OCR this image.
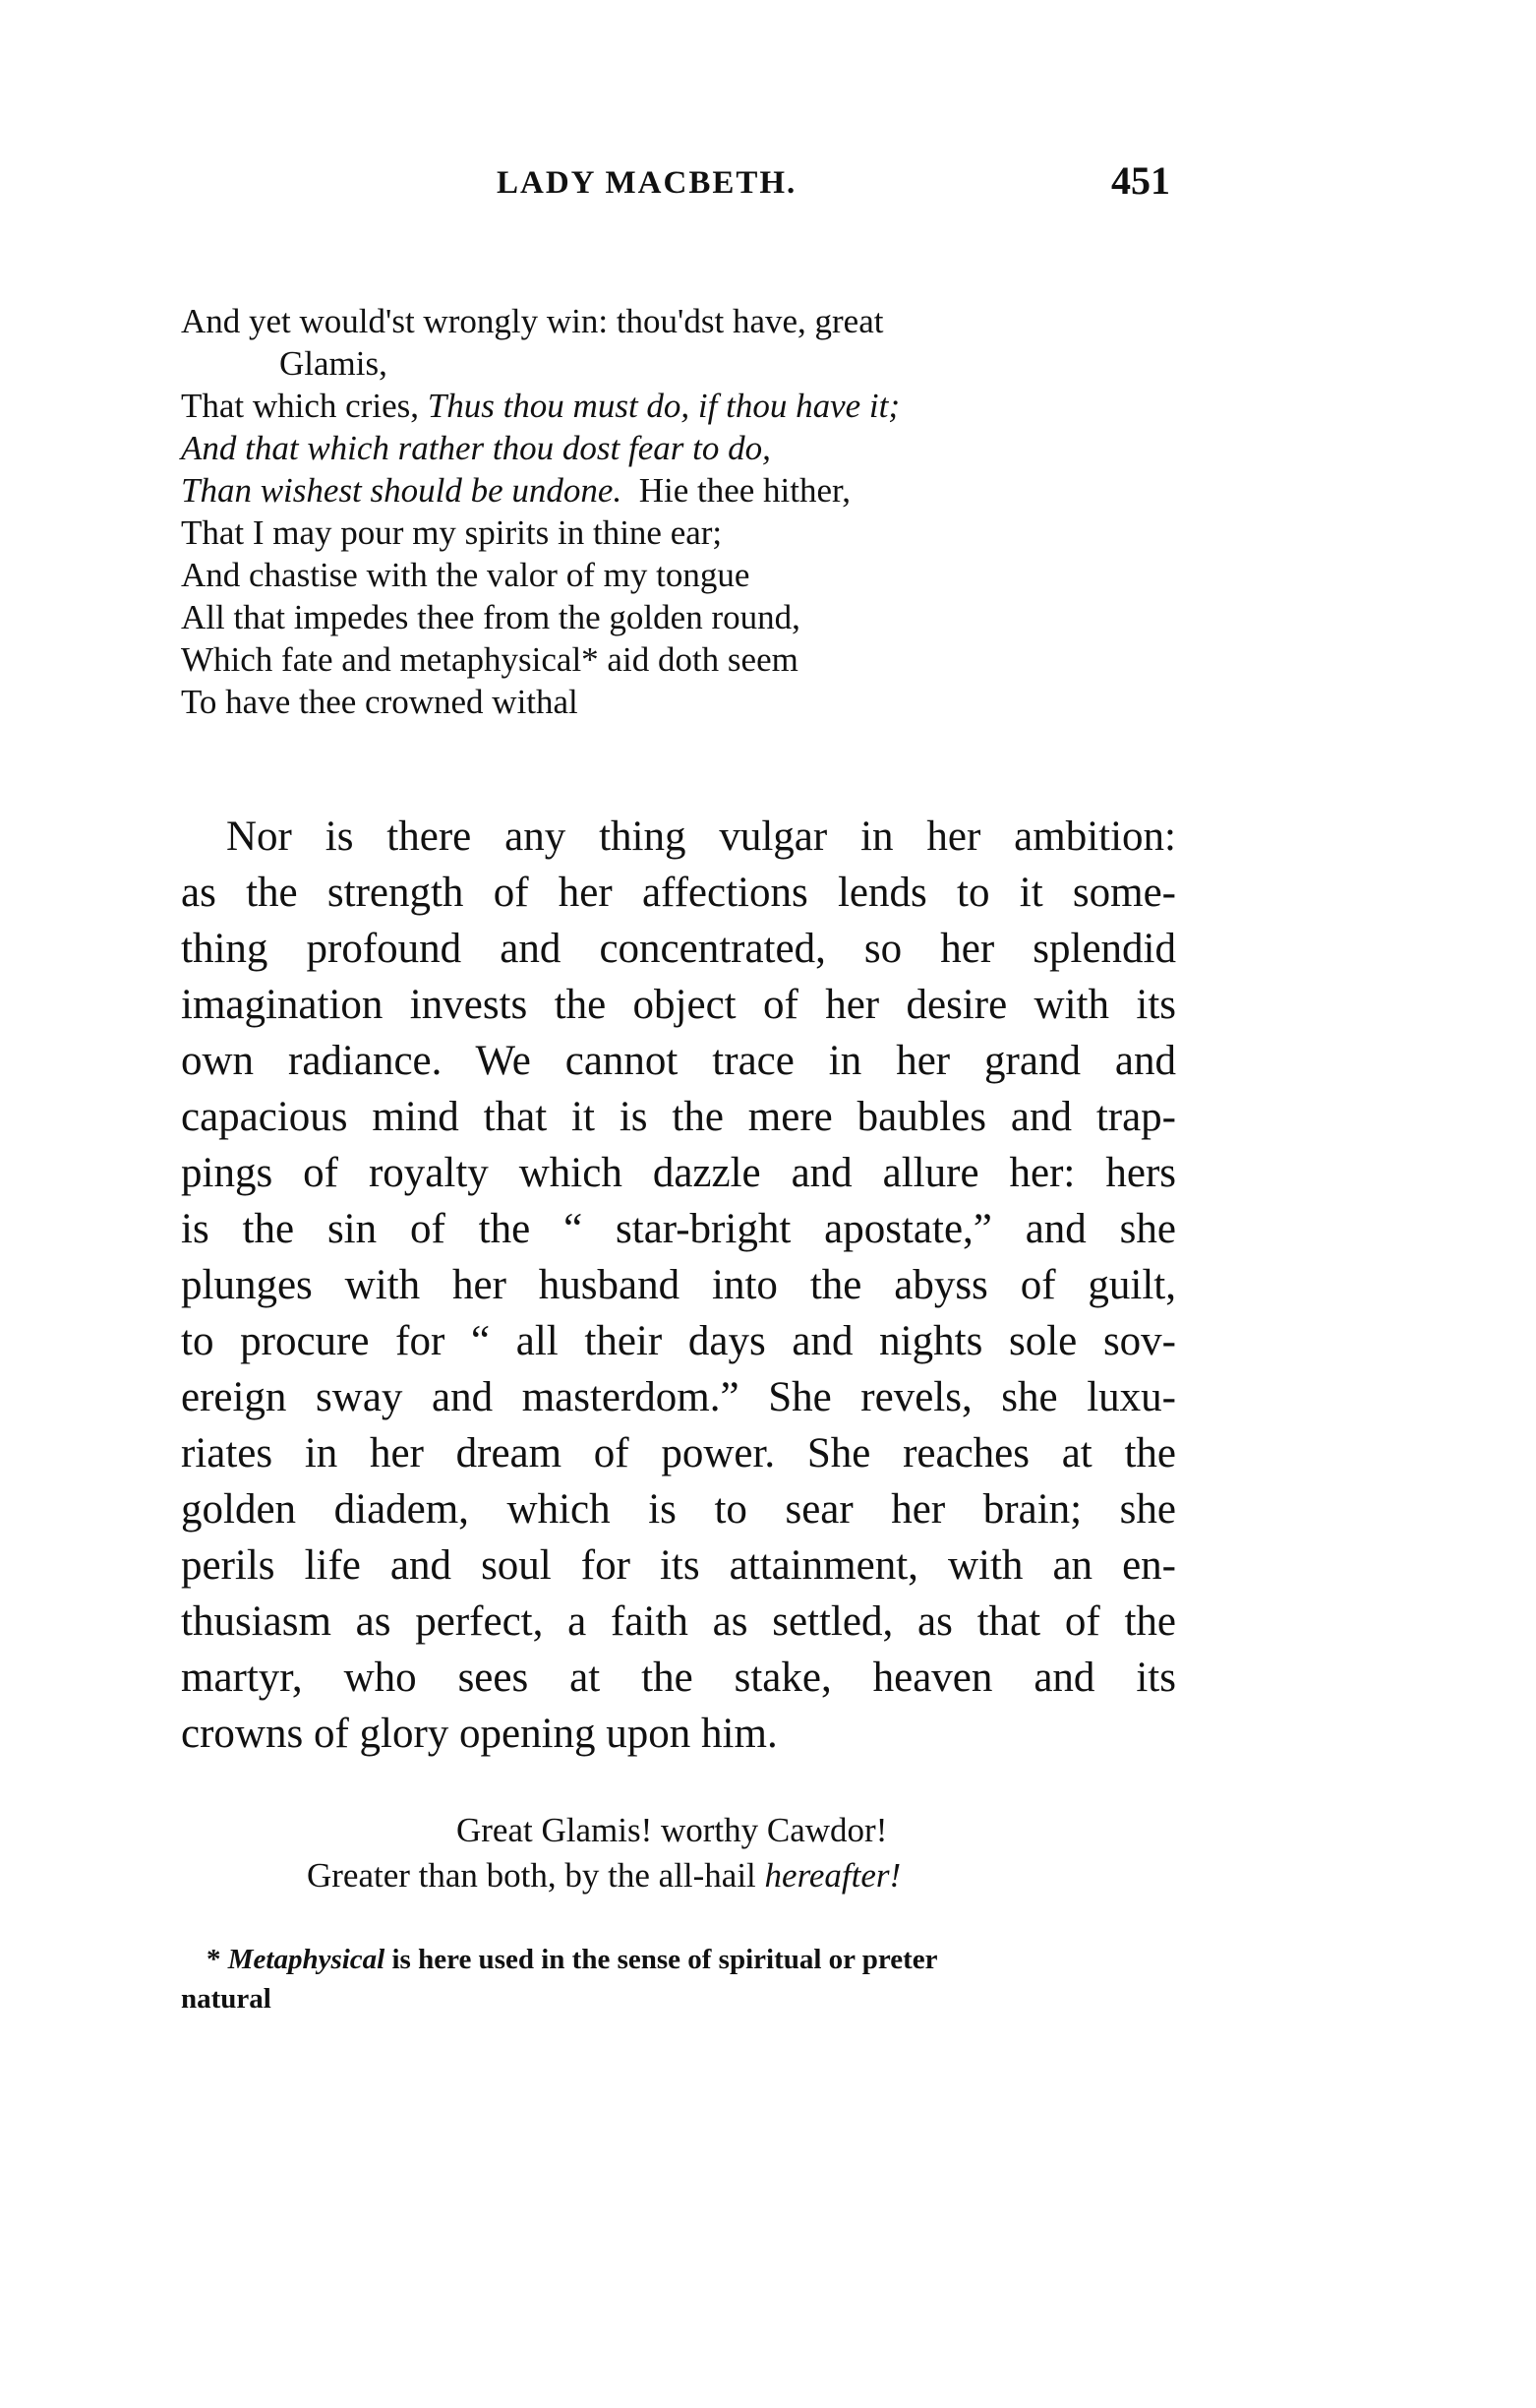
LADY MACBETH.	451
And yet would'st wrongly win: thou'dst have, great
Glamis,
That which cries, Thus thou must do, if thou have it;
And that which rather thou dost fear to do,
Than wishest should be undone.  Hie thee hither,
That I may pour my spirits in thine ear;
And chastise with the valor of my tongue
All that impedes thee from the golden round,
Which fate and metaphysical* aid doth seem
To have thee crowned withal
Nor is there any thing vulgar in her ambition:
as the strength of her affections lends to it some-
thing profound and concentrated, so her splendid
imagination invests the object of her desire with its
own radiance. We cannot trace in her grand and
capacious mind that it is the mere baubles and trap-
pings of royalty which dazzle and allure her: hers
is the sin of the “ star-bright apostate,” and she
plunges with her husband into the abyss of guilt,
to procure for “ all their days and nights sole sov-
ereign sway and masterdom.” She revels, she luxu-
riates in her dream of power. She reaches at the
golden diadem, which is to sear her brain; she
perils life and soul for its attainment, with an en-
thusiasm as perfect, a faith as settled, as that of the
martyr, who sees at the stake, heaven and its
crowns of glory opening upon him.
Great Glamis! worthy Cawdor!
Greater than both, by the all-hail hereafter!
* Metaphysical is here used in the sense of spiritual or preter
natural
